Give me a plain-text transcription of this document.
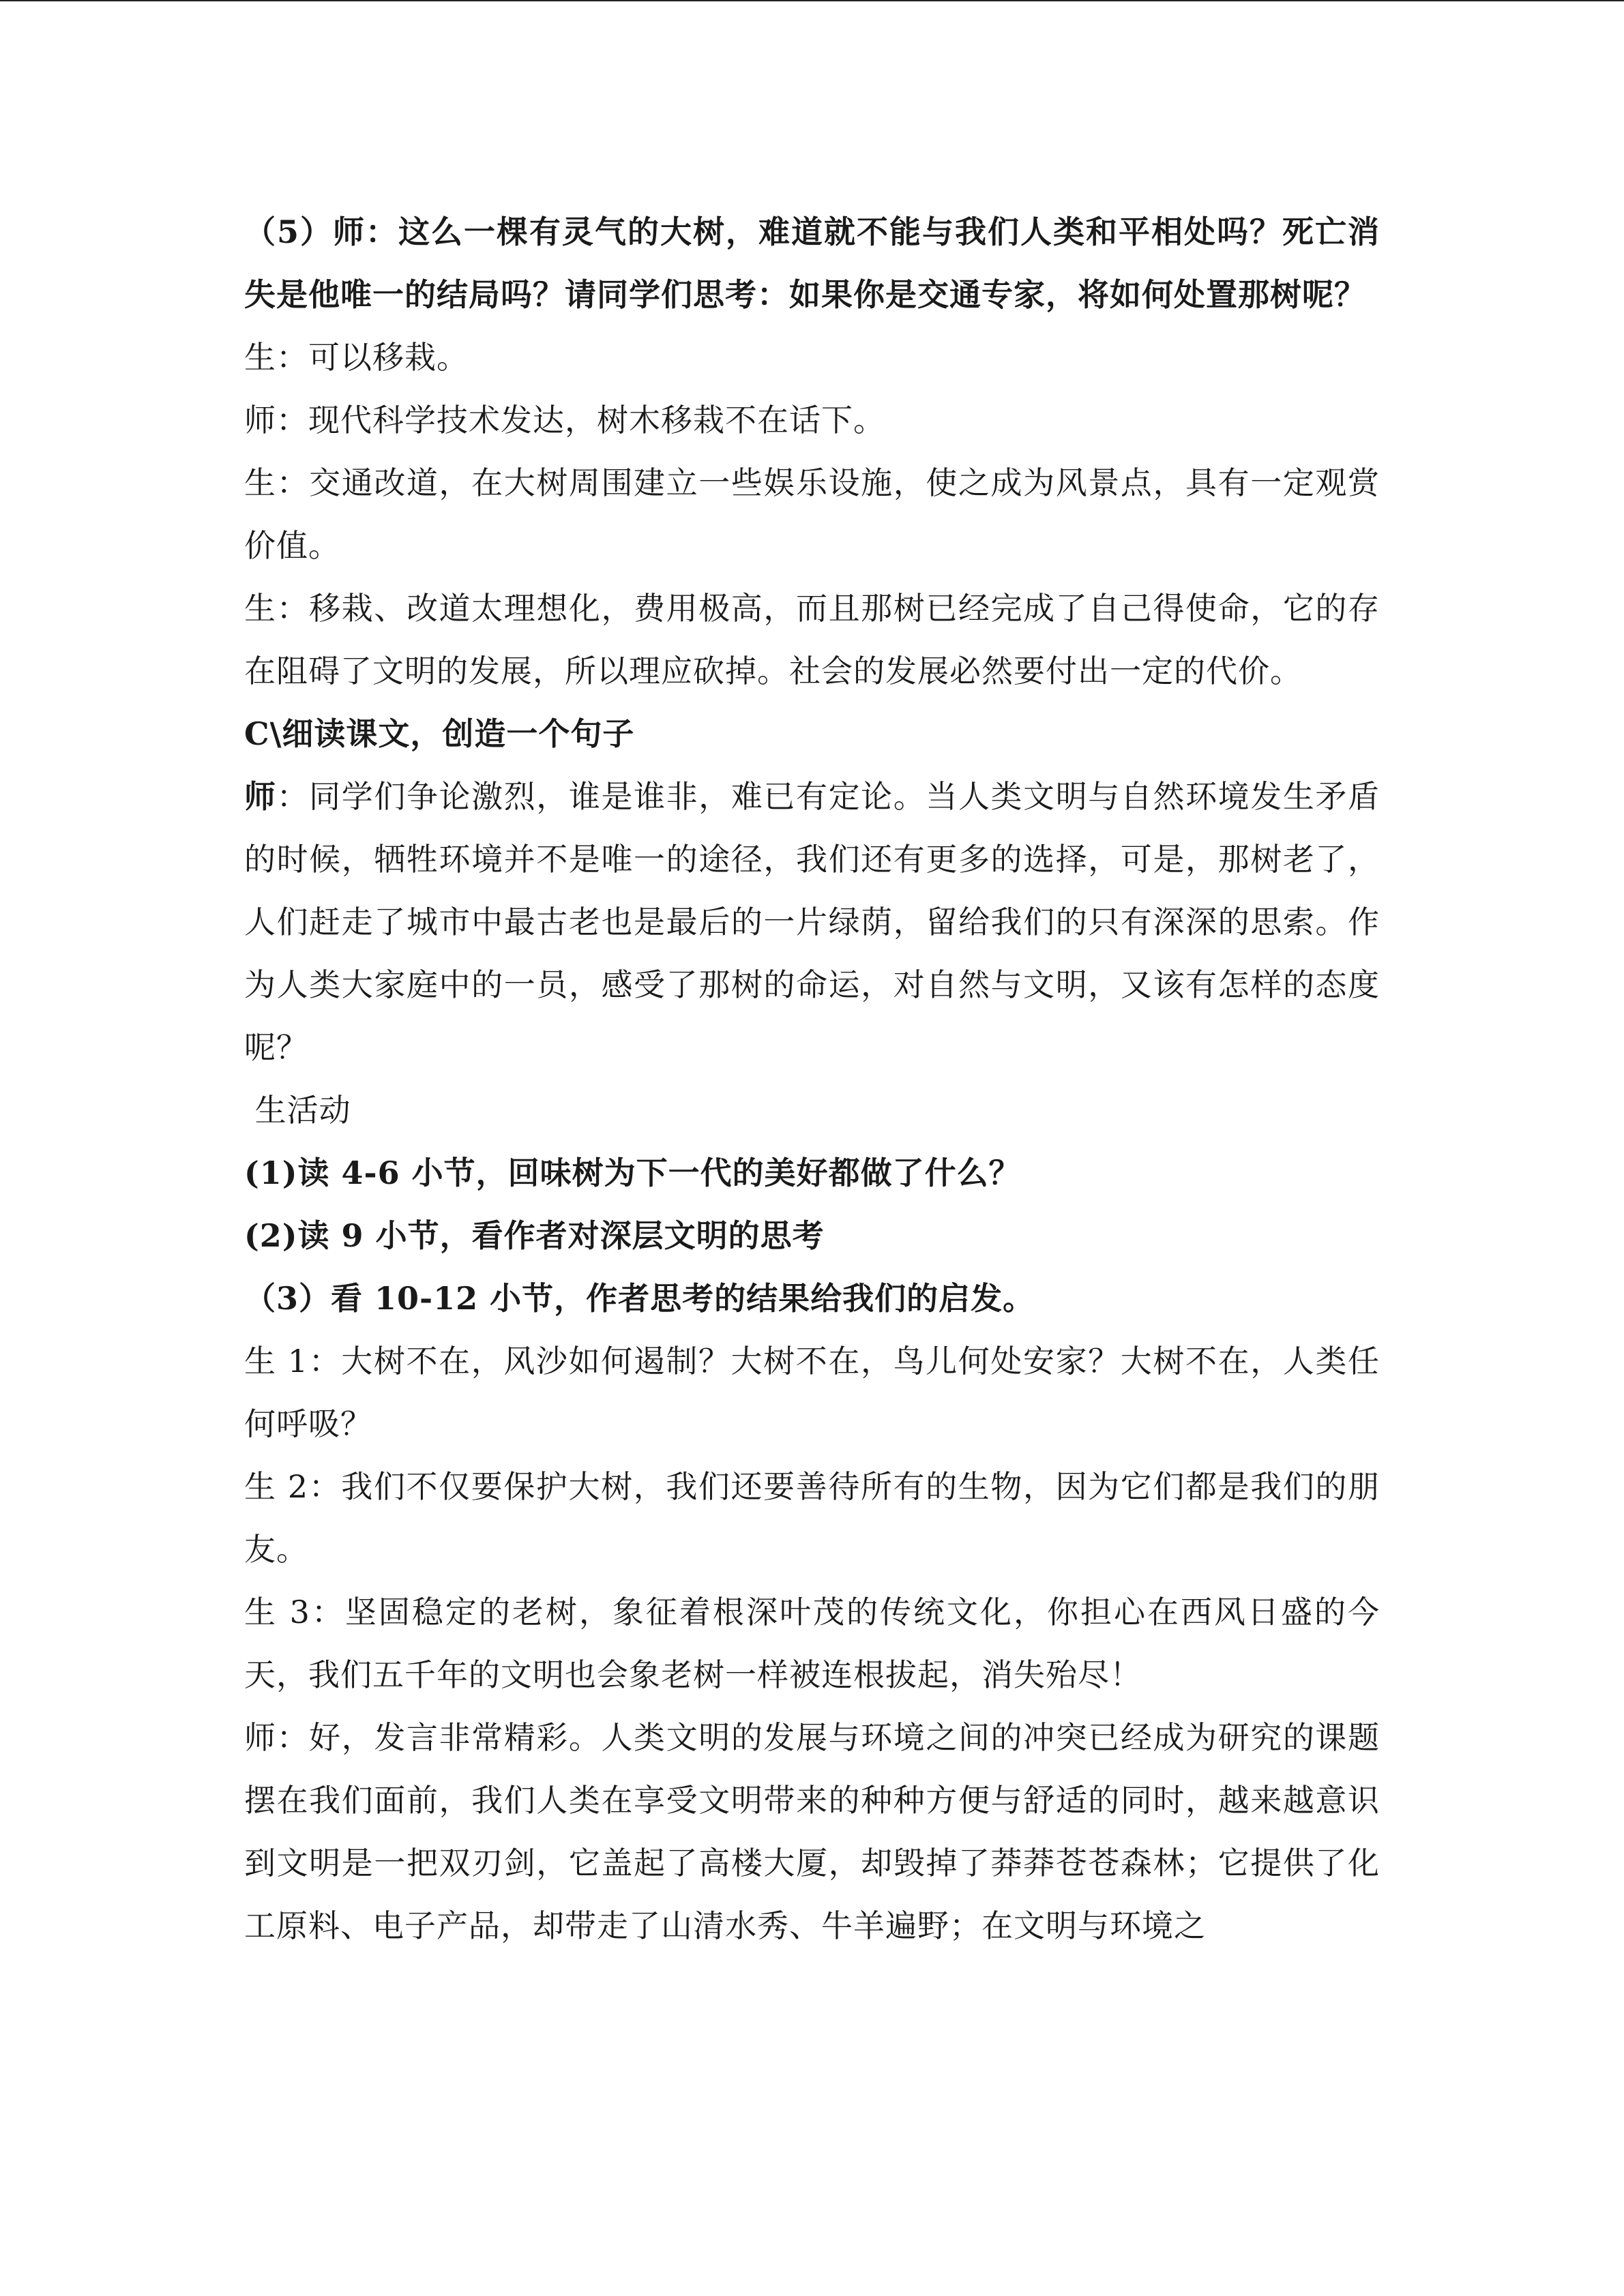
（5）师：这么一棵有灵气的大树，难道就不能与我们人类和平相处吗？死亡消失是他唯一的结局吗？请同学们思考：如果你是交通专家，将如何处置那树呢？

生：可以移栽。

师：现代科学技术发达，树木移栽不在话下。

生：交通改道，在大树周围建立一些娱乐设施，使之成为风景点，具有一定观赏价值。

生：移栽、改道太理想化，费用极高，而且那树已经完成了自己得使命，它的存在阻碍了文明的发展，所以理应砍掉。社会的发展必然要付出一定的代价。

C\细读课文，创造一个句子

师：同学们争论激烈，谁是谁非，难已有定论。当人类文明与自然环境发生矛盾的时候，牺牲环境并不是唯一的途径，我们还有更多的选择，可是，那树老了，人们赶走了城市中最古老也是最后的一片绿荫，留给我们的只有深深的思索。作为人类大家庭中的一员，感受了那树的命运，对自然与文明，又该有怎样的态度呢？

生活动

(1)读 4-6 小节，回味树为下一代的美好都做了什么？

(2)读 9 小节，看作者对深层文明的思考

（3）看 10-12 小节，作者思考的结果给我们的启发。

生 1：大树不在，风沙如何遏制？大树不在，鸟儿何处安家？大树不在，人类任何呼吸？

生 2：我们不仅要保护大树，我们还要善待所有的生物，因为它们都是我们的朋友。

生 3：坚固稳定的老树，象征着根深叶茂的传统文化，你担心在西风日盛的今天，我们五千年的文明也会象老树一样被连根拔起，消失殆尽！

师：好，发言非常精彩。人类文明的发展与环境之间的冲突已经成为研究的课题摆在我们面前，我们人类在享受文明带来的种种方便与舒适的同时，越来越意识到文明是一把双刃剑，它盖起了高楼大厦，却毁掉了莽莽苍苍森林；它提供了化工原料、电子产品，却带走了山清水秀、牛羊遍野；在文明与环境之
